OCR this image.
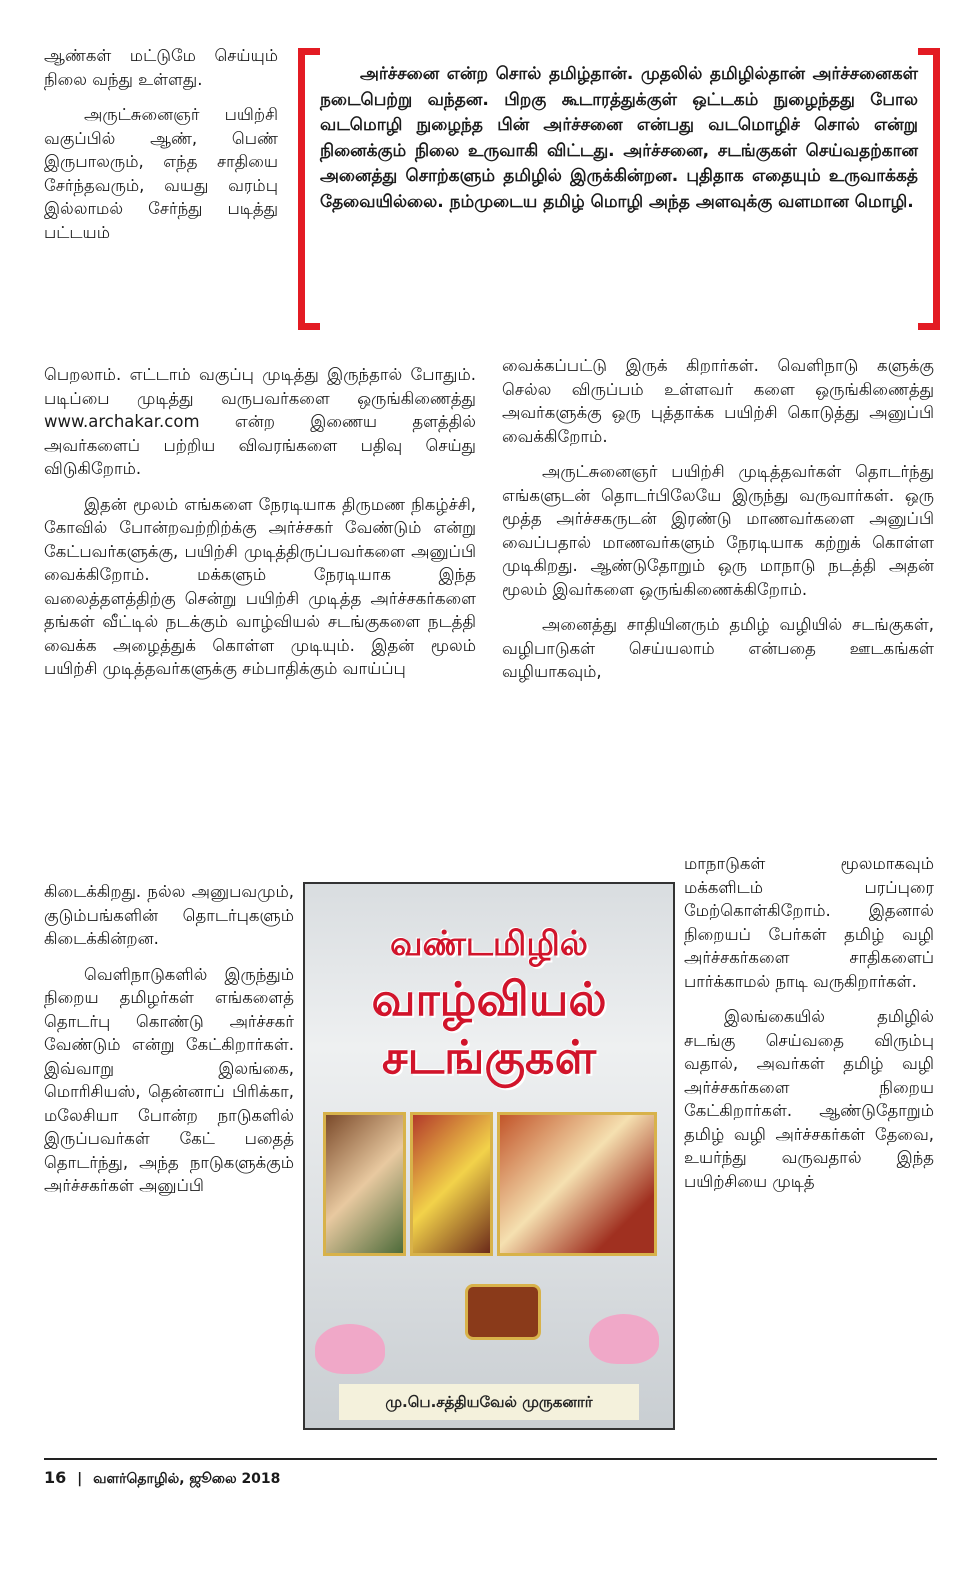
அர்ச்சனை என்ற சொல் தமிழ்தான். முதலில் தமிழில்தான் அர்ச்சனைகள் நடைபெற்று வந்தன. பிறகு கூடாரத்துக்குள் ஒட்டகம் நுழைந்தது போல வடமொழி நுழைந்த பின் அர்ச்சனை என்பது வடமொழிச் சொல் என்று நினைக்கும் நிலை உருவாகி விட்டது. அர்ச்சனை, சடங்குகள் செய்வதற்கான அனைத்து சொற்களும் தமிழில் இருக்கின்றன. புதிதாக எதையும் உருவாக்கத் தேவையில்லை. நம்முடைய தமிழ் மொழி அந்த அளவுக்கு வளமான மொழி.

ஆண்கள் மட்டுமே செய்யும் நிலை வந்து உள்ளது.

அருட்சுனைஞர் பயிற்சி வகுப்பில் ஆண், பெண் இருபாலரும், எந்த சாதியை சேர்ந்தவரும், வயது வரம்பு இல்லாமல் சேர்ந்து படித்து பட்டயம்

பெறலாம். எட்டாம் வகுப்பு முடித்து இருந்தால் போதும். படிப்பை முடித்து வருபவர்களை ஒருங்கிணைத்து www.archakar.com என்ற இணைய தளத்தில் அவர்களைப் பற்றிய விவரங்களை பதிவு செய்து விடுகிறோம்.

இதன் மூலம் எங்களை நேரடியாக திருமண நிகழ்ச்சி, கோவில் போன்றவற்றிற்க்கு அர்ச்சகர் வேண்டும் என்று கேட்பவர்களுக்கு, பயிற்சி முடித்திருப்பவர்களை அனுப்பி வைக்கிறோம். மக்களும் நேரடியாக இந்த வலைத்தளத்திற்கு சென்று பயிற்சி முடித்த அர்ச்சகர்களை தங்கள் வீட்டில் நடக்கும் வாழ்வியல் சடங்குகளை நடத்தி வைக்க அழைத்துக் கொள்ள முடியும். இதன் மூலம் பயிற்சி முடித்தவர்களுக்கு சம்பாதிக்கும் வாய்ப்பு

கிடைக்கிறது. நல்ல அனுபவமும், குடும்பங்களின் தொடர்புகளும் கிடைக்கின்றன.

வெளிநாடுகளில் இருந்தும் நிறைய தமிழர்கள் எங்களைத் தொடர்பு கொண்டு அர்ச்சகர் வேண்டும் என்று கேட்கிறார்கள். இவ்வாறு இலங்கை, மொரிசியஸ், தென்னாப் பிரிக்கா, மலேசியா போன்ற நாடுகளில் இருப்பவர்கள் கேட் பதைத் தொடர்ந்து, அந்த நாடுகளுக்கும் அர்ச்சகர்கள் அனுப்பி

வைக்கப்பட்டு இருக் கிறார்கள். வெளிநாடு களுக்கு செல்ல விருப்பம் உள்ளவர் களை ஒருங்கிணைத்து அவர்களுக்கு ஒரு புத்தாக்க பயிற்சி கொடுத்து அனுப்பி வைக்கிறோம்.

அருட்சுனைஞர் பயிற்சி முடித்தவர்கள் தொடர்ந்து எங்களுடன் தொடர்பிலேயே இருந்து வருவார்கள். ஒரு மூத்த அர்ச்சகருடன் இரண்டு மாணவர்களை அனுப்பி வைப்பதால் மாணவர்களும் நேரடியாக கற்றுக் கொள்ள முடிகிறது. ஆண்டுதோறும் ஒரு மாநாடு நடத்தி அதன் மூலம் இவர்களை ஒருங்கிணைக்கிறோம்.

அனைத்து சாதியினரும் தமிழ் வழியில் சடங்குகள், வழிபாடுகள் செய்யலாம் என்பதை ஊடகங்கள் வழியாகவும்,

மாநாடுகள் மூலமாகவும் மக்களிடம் பரப்புரை மேற்கொள்கிறோம். இதனால் நிறையப் பேர்கள் தமிழ் வழி அர்ச்சகர்களை சாதிகளைப் பார்க்காமல் நாடி வருகிறார்கள்.

இலங்கையில் தமிழில் சடங்கு செய்வதை விரும்பு வதால், அவர்கள் தமிழ் வழி அர்ச்சகர்களை நிறைய கேட்கிறார்கள். ஆண்டுதோறும் தமிழ் வழி அர்ச்சகர்கள் தேவை, உயர்ந்து வருவதால் இந்த பயிற்சியை முடித்

வண்டமிழில்
வாழ்வியல்
சடங்குகள்
மு.பெ.சத்தியவேல் முருகனார்
16 | வளர்தொழில், ஜூலை 2018
